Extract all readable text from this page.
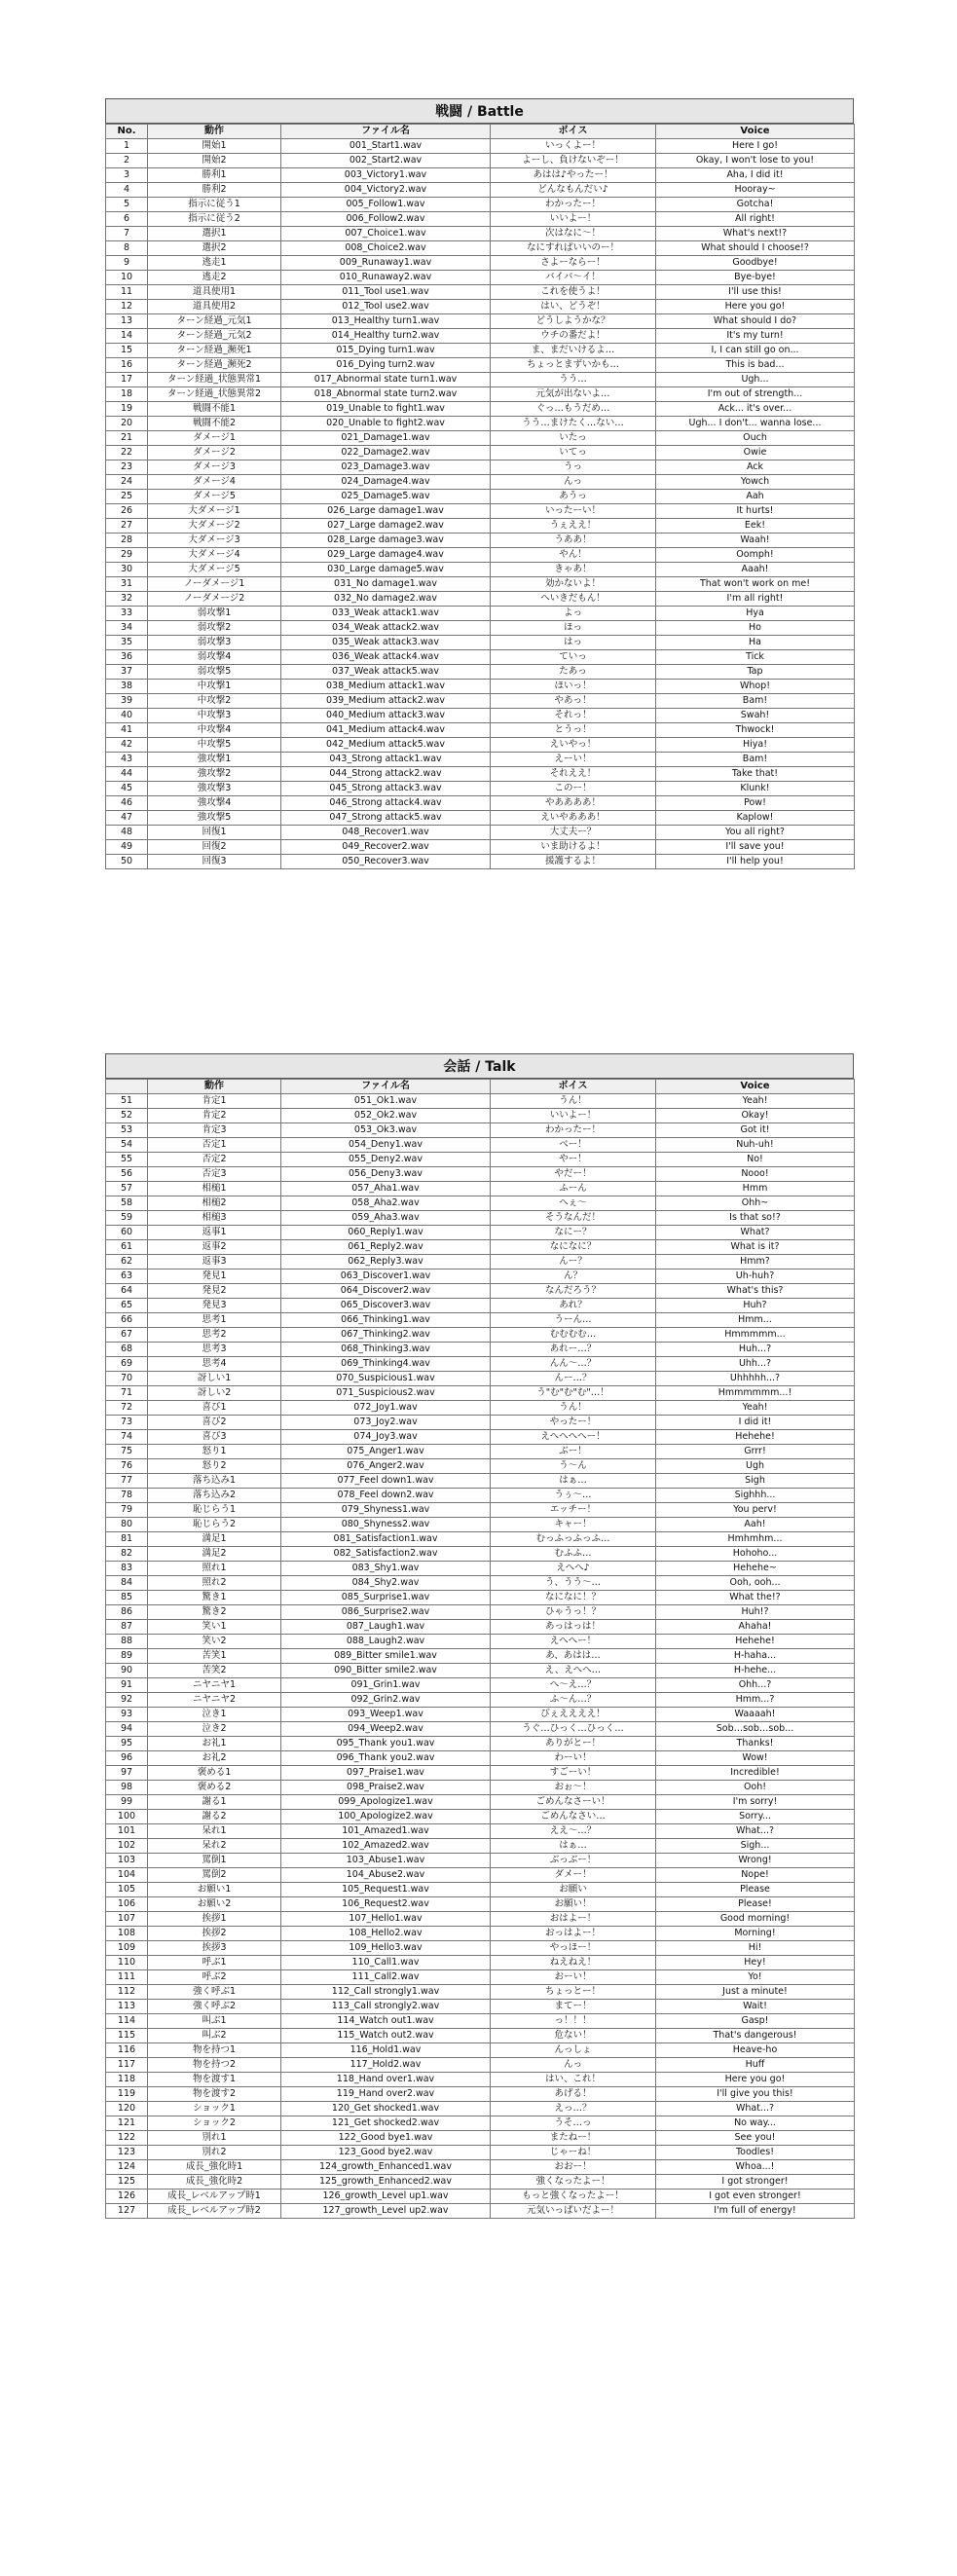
戦闘 / Battle
No.	動作	ファイル名	ボイス	Voice
1	開始1	001_Start1.wav	いっくよー！	Here I go!
2	開始2	002_Start2.wav	よーし、負けないぞー！	Okay, I won't lose to you!
3	勝利1	003_Victory1.wav	あはは♪やったー！	Aha, I did it!
4	勝利2	004_Victory2.wav	どんなもんだい♪	Hooray~
5	指示に従う1	005_Follow1.wav	わかったー！	Gotcha!
6	指示に従う2	006_Follow2.wav	いいよー！	All right!
7	選択1	007_Choice1.wav	次はなに～！	What's next!?
8	選択2	008_Choice2.wav	なにすればいいのー！	What should I choose!?
9	逃走1	009_Runaway1.wav	さよーならー！	Goodbye!
10	逃走2	010_Runaway2.wav	バイバ～イ！	Bye-bye!
11	道具使用1	011_Tool use1.wav	これを使うよ！	I'll use this!
12	道具使用2	012_Tool use2.wav	はい、どうぞ！	Here you go!
13	ターン経過_元気1	013_Healthy turn1.wav	どうしようかな？	What should I do?
14	ターン経過_元気2	014_Healthy turn2.wav	ウチの番だよ！	It's my turn!
15	ターン経過_瀕死1	015_Dying turn1.wav	ま、まだいけるよ…	I, I can still go on...
16	ターン経過_瀕死2	016_Dying turn2.wav	ちょっとまずいかも…	This is bad...
17	ターン経過_状態異常1	017_Abnormal state turn1.wav	うう…	Ugh...
18	ターン経過_状態異常2	018_Abnormal state turn2.wav	元気が出ないよ…	I'm out of strength...
19	戦闘不能1	019_Unable to fight1.wav	ぐっ…もうだめ…	Ack... it's over...
20	戦闘不能2	020_Unable to fight2.wav	うう…まけたく…ない…	Ugh... I don't... wanna lose...
21	ダメージ1	021_Damage1.wav	いたっ	Ouch
22	ダメージ2	022_Damage2.wav	いてっ	Owie
23	ダメージ3	023_Damage3.wav	うっ	Ack
24	ダメージ4	024_Damage4.wav	んっ	Yowch
25	ダメージ5	025_Damage5.wav	あうっ	Aah
26	大ダメージ1	026_Large damage1.wav	いったーい！	It hurts!
27	大ダメージ2	027_Large damage2.wav	うぇええ！	Eek!
28	大ダメージ3	028_Large damage3.wav	うああ！	Waah!
29	大ダメージ4	029_Large damage4.wav	やん！	Oomph!
30	大ダメージ5	030_Large damage5.wav	きゃあ！	Aaah!
31	ノーダメージ1	031_No damage1.wav	効かないよ！	That won't work on me!
32	ノーダメージ2	032_No damage2.wav	へいきだもん！	I'm all right!
33	弱攻撃1	033_Weak attack1.wav	よっ	Hya
34	弱攻撃2	034_Weak attack2.wav	ほっ	Ho
35	弱攻撃3	035_Weak attack3.wav	はっ	Ha
36	弱攻撃4	036_Weak attack4.wav	ていっ	Tick
37	弱攻撃5	037_Weak attack5.wav	たあっ	Tap
38	中攻撃1	038_Medium attack1.wav	ほいっ！	Whop!
39	中攻撃2	039_Medium attack2.wav	やあっ！	Bam!
40	中攻撃3	040_Medium attack3.wav	それっ！	Swah!
41	中攻撃4	041_Medium attack4.wav	とうっ！	Thwock!
42	中攻撃5	042_Medium attack5.wav	えいやっ！	Hiya!
43	強攻撃1	043_Strong attack1.wav	えーい！	Bam!
44	強攻撃2	044_Strong attack2.wav	それええ！	Take that!
45	強攻撃3	045_Strong attack3.wav	このー！	Klunk!
46	強攻撃4	046_Strong attack4.wav	やああああ！	Pow!
47	強攻撃5	047_Strong attack5.wav	えいやあああ！	Kaplow!
48	回復1	048_Recover1.wav	大丈夫ー？	You all right?
49	回復2	049_Recover2.wav	いま助けるよ！	I'll save you!
50	回復3	050_Recover3.wav	援護するよ！	I'll help you!
会話 / Talk
	動作	ファイル名	ボイス	Voice
51	肯定1	051_Ok1.wav	うん！	Yeah!
52	肯定2	052_Ok2.wav	いいよー！	Okay!
53	肯定3	053_Ok3.wav	わかったー！	Got it!
54	否定1	054_Deny1.wav	べー！	Nuh-uh!
55	否定2	055_Deny2.wav	やー！	No!
56	否定3	056_Deny3.wav	やだー！	Nooo!
57	相槌1	057_Aha1.wav	ふーん	Hmm
58	相槌2	058_Aha2.wav	へぇ～	Ohh~
59	相槌3	059_Aha3.wav	そうなんだ！	Is that so!?
60	返事1	060_Reply1.wav	なにー？	What?
61	返事2	061_Reply2.wav	なになに？	What is it?
62	返事3	062_Reply3.wav	んー？	Hmm?
63	発見1	063_Discover1.wav	ん？	Uh-huh?
64	発見2	064_Discover2.wav	なんだろう？	What's this?
65	発見3	065_Discover3.wav	あれ？	Huh?
66	思考1	066_Thinking1.wav	うーん…	Hmm...
67	思考2	067_Thinking2.wav	むむむむ…	Hmmmmm...
68	思考3	068_Thinking3.wav	あれー…？	Huh...?
69	思考4	069_Thinking4.wav	んん～…？	Uhh...?
70	訝しい1	070_Suspicious1.wav	んー…？	Uhhhhh...?
71	訝しい2	071_Suspicious2.wav	う"む"む"む"…！	Hmmmmmm...!
72	喜び1	072_Joy1.wav	うん！	Yeah!
73	喜び2	073_Joy2.wav	やったー！	I did it!
74	喜び3	074_Joy3.wav	えへへへへー！	Hehehe!
75	怒り1	075_Anger1.wav	ぶー！	Grrr!
76	怒り2	076_Anger2.wav	う～ん	Ugh
77	落ち込み1	077_Feel down1.wav	はぁ…	Sigh
78	落ち込み2	078_Feel down2.wav	うぅ～…	Sighhh...
79	恥じらう1	079_Shyness1.wav	エッチー！	You perv!
80	恥じらう2	080_Shyness2.wav	キャー！	Aah!
81	満足1	081_Satisfaction1.wav	むっふっふっふ…	Hmhmhm...
82	満足2	082_Satisfaction2.wav	むふふ…	Hohoho...
83	照れ1	083_Shy1.wav	えへへ♪	Hehehe~
84	照れ2	084_Shy2.wav	う、うう～…	Ooh, ooh...
85	驚き1	085_Surprise1.wav	なになに！？	What the!?
86	驚き2	086_Surprise2.wav	ひゃうっ！？	Huh!?
87	笑い1	087_Laugh1.wav	あっはっは！	Ahaha!
88	笑い2	088_Laugh2.wav	えへへー！	Hehehe!
89	苦笑1	089_Bitter smile1.wav	あ、あはは…	H-haha...
90	苦笑2	090_Bitter smile2.wav	え、えへへ…	H-hehe...
91	ニヤニヤ1	091_Grin1.wav	へ～え…？	Ohh...?
92	ニヤニヤ2	092_Grin2.wav	ふ～ん…？	Hmm...?
93	泣き1	093_Weep1.wav	びぇええええ！	Waaaah!
94	泣き2	094_Weep2.wav	うぐ…ひっく…ひっく…	Sob…sob…sob...
95	お礼1	095_Thank you1.wav	ありがとー！	Thanks!
96	お礼2	096_Thank you2.wav	わーい！	Wow!
97	褒める1	097_Praise1.wav	すごーい！	Incredible!
98	褒める2	098_Praise2.wav	おぉ～！	Ooh!
99	謝る1	099_Apologize1.wav	ごめんなさーい！	I'm sorry!
100	謝る2	100_Apologize2.wav	ごめんなさい…	Sorry...
101	呆れ1	101_Amazed1.wav	ええ～…？	What...?
102	呆れ2	102_Amazed2.wav	はぁ…	Sigh...
103	罵倒1	103_Abuse1.wav	ぶっぶー！	Wrong!
104	罵倒2	104_Abuse2.wav	ダメー！	Nope!
105	お願い1	105_Request1.wav	お願い	Please
106	お願い2	106_Request2.wav	お願い！	Please!
107	挨拶1	107_Hello1.wav	おはよー！	Good morning!
108	挨拶2	108_Hello2.wav	おっはよー！	Morning!
109	挨拶3	109_Hello3.wav	やっほー！	Hi!
110	呼ぶ1	110_Call1.wav	ねえねえ！	Hey!
111	呼ぶ2	111_Call2.wav	おーい！	Yo!
112	強く呼ぶ1	112_Call strongly1.wav	ちょっとー！	Just a minute!
113	強く呼ぶ2	113_Call strongly2.wav	まてー！	Wait!
114	叫ぶ1	114_Watch out1.wav	っ！！！	Gasp!
115	叫ぶ2	115_Watch out2.wav	危ない！	That's dangerous!
116	物を持つ1	116_Hold1.wav	んっしょ	Heave-ho
117	物を持つ2	117_Hold2.wav	んっ	Huff
118	物を渡す1	118_Hand over1.wav	はい、これ！	Here you go!
119	物を渡す2	119_Hand over2.wav	あげる！	I'll give you this!
120	ショック1	120_Get shocked1.wav	えっ…？	What...?
121	ショック2	121_Get shocked2.wav	うそ…っ	No way...
122	別れ1	122_Good bye1.wav	またねー！	See you!
123	別れ2	123_Good bye2.wav	じゃーね！	Toodles!
124	成長_強化時1	124_growth_Enhanced1.wav	おおー！	Whoa...!
125	成長_強化時2	125_growth_Enhanced2.wav	強くなったよー！	I got stronger!
126	成長_レベルアップ時1	126_growth_Level up1.wav	もっと強くなったよー！	I got even stronger!
127	成長_レベルアップ時2	127_growth_Level up2.wav	元気いっぱいだよー！	I'm full of energy!
